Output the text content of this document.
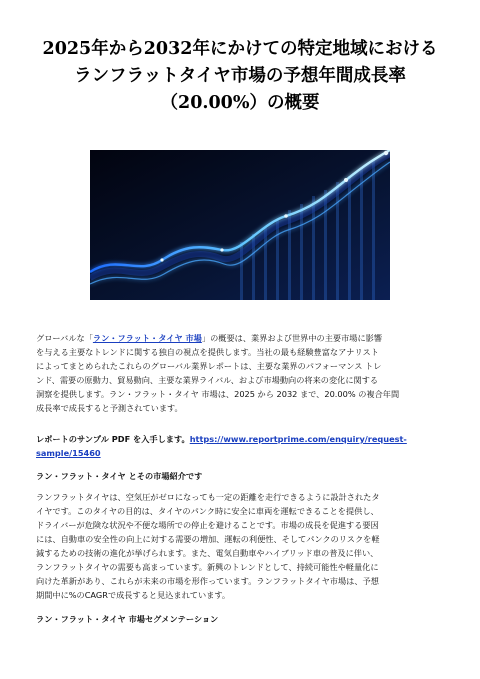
2025年から2032年にかけての特定地域における
ランフラットタイヤ市場の予想年間成長率
（20.00%）の概要

グローバルな「ラン・フラット・タイヤ 市場」の概要は、業界および世界中の主要市場に影響
を与える主要なトレンドに関する独自の視点を提供します。当社の最も経験豊富なアナリスト
によってまとめられたこれらのグローバル業界レポートは、主要な業界のパフォーマンス トレ
ンド、需要の原動力、貿易動向、主要な業界ライバル、および市場動向の将来の変化に関する
洞察を提供します。ラン・フラット・タイヤ 市場は、2025 から 2032 まで、20.00% の複合年間
成長率で成長すると予測されています。

レポートのサンプル PDF を入手します。https://www.reportprime.com/enquiry/request-
sample/15460

ラン・フラット・タイヤ とその市場紹介です

ランフラットタイヤは、空気圧がゼロになっても一定の距離を走行できるように設計されたタ
イヤです。このタイヤの目的は、タイヤのパンク時に安全に車両を運転できることを提供し、
ドライバーが危険な状況や不便な場所での停止を避けることです。市場の成長を促進する要因
には、自動車の安全性の向上に対する需要の増加、運転の利便性、そしてパンクのリスクを軽
減するための技術の進化が挙げられます。また、電気自動車やハイブリッド車の普及に伴い、
ランフラットタイヤの需要も高まっています。新興のトレンドとして、持続可能性や軽量化に
向けた革新があり、これらが未来の市場を形作っています。ランフラットタイヤ市場は、予想
期間中に%のCAGRで成長すると見込まれています。

ラン・フラット・タイヤ 市場セグメンテーション
